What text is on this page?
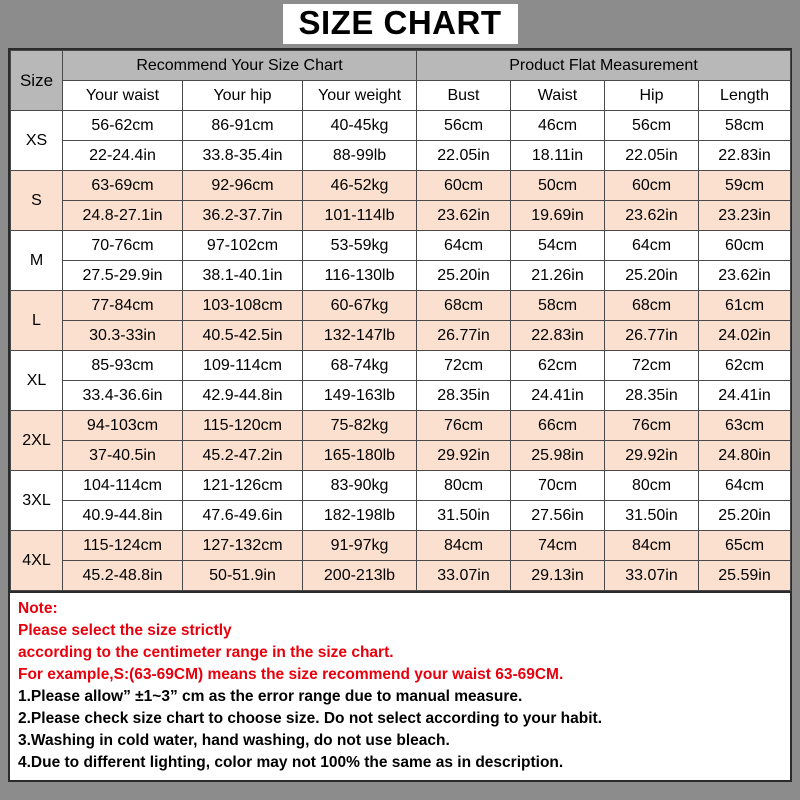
SIZE CHART
Size	Recommend Your Size Chart			Product Flat Measurement			
	Your waist	Your hip	Your weight	Bust	Waist	Hip	Length
XS	56-62cm	86-91cm	40-45kg	56cm	46cm	56cm	58cm
	22-24.4in	33.8-35.4in	88-99lb	22.05in	18.11in	22.05in	22.83in
S	63-69cm	92-96cm	46-52kg	60cm	50cm	60cm	59cm
	24.8-27.1in	36.2-37.7in	101-114lb	23.62in	19.69in	23.62in	23.23in
M	70-76cm	97-102cm	53-59kg	64cm	54cm	64cm	60cm
	27.5-29.9in	38.1-40.1in	116-130lb	25.20in	21.26in	25.20in	23.62in
L	77-84cm	103-108cm	60-67kg	68cm	58cm	68cm	61cm
	30.3-33in	40.5-42.5in	132-147lb	26.77in	22.83in	26.77in	24.02in
XL	85-93cm	109-114cm	68-74kg	72cm	62cm	72cm	62cm
	33.4-36.6in	42.9-44.8in	149-163lb	28.35in	24.41in	28.35in	24.41in
2XL	94-103cm	115-120cm	75-82kg	76cm	66cm	76cm	63cm
	37-40.5in	45.2-47.2in	165-180lb	29.92in	25.98in	29.92in	24.80in
3XL	104-114cm	121-126cm	83-90kg	80cm	70cm	80cm	64cm
	40.9-44.8in	47.6-49.6in	182-198lb	31.50in	27.56in	31.50in	25.20in
4XL	115-124cm	127-132cm	91-97kg	84cm	74cm	84cm	65cm
	45.2-48.8in	50-51.9in	200-213lb	33.07in	29.13in	33.07in	25.59in
Note:
Please select the size strictly
according to the centimeter range in the size chart.
For example,S:(63-69CM) means the size recommend your waist 63-69CM.
1.Please allow” ±1~3” cm as the error range due to manual measure.
2.Please check size chart to choose size. Do not select according to your habit.
3.Washing in cold water, hand washing, do not use bleach.
4.Due to different lighting, color may not 100% the same as in description.
